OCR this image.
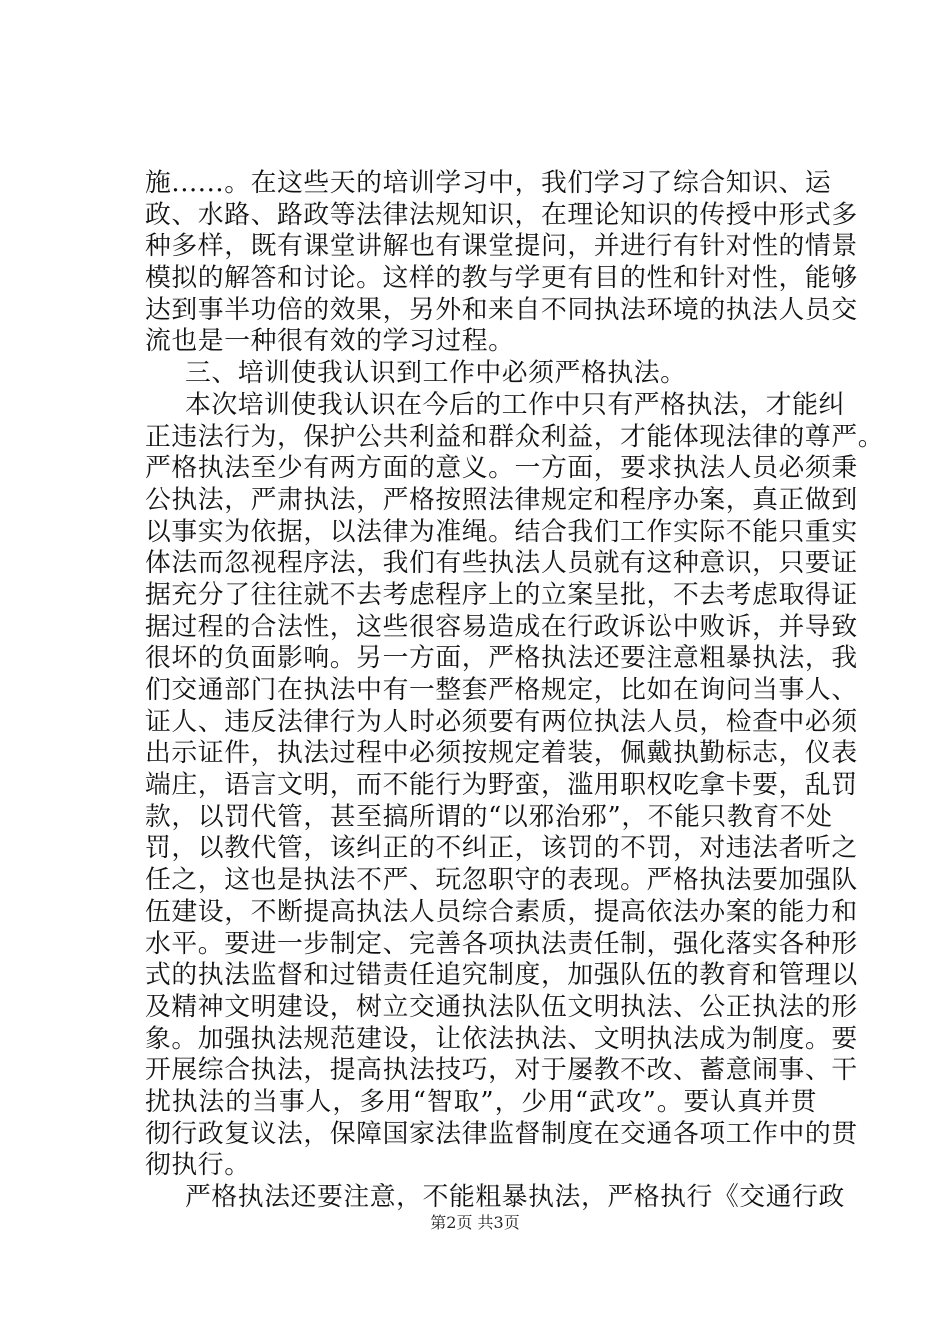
施......。在这些天的培训学习中，我们学习了综合知识、运
政、水路、路政等法律法规知识，在理论知识的传授中形式多
种多样，既有课堂讲解也有课堂提问，并进行有针对性的情景
模拟的解答和讨论。这样的教与学更有目的性和针对性，能够
达到事半功倍的效果，另外和来自不同执法环境的执法人员交
流也是一种很有效的学习过程。
三、培训使我认识到工作中必须严格执法。
本次培训使我认识在今后的工作中只有严格执法，才能纠
正违法行为，保护公共利益和群众利益，才能体现法律的尊严。
严格执法至少有两方面的意义。一方面，要求执法人员必须秉
公执法，严肃执法，严格按照法律规定和程序办案，真正做到
以事实为依据，以法律为准绳。结合我们工作实际不能只重实
体法而忽视程序法，我们有些执法人员就有这种意识，只要证
据充分了往往就不去考虑程序上的立案呈批，不去考虑取得证
据过程的合法性，这些很容易造成在行政诉讼中败诉，并导致
很坏的负面影响。另一方面，严格执法还要注意粗暴执法，我
们交通部门在执法中有一整套严格规定，比如在询问当事人、
证人、违反法律行为人时必须要有两位执法人员，检查中必须
出示证件，执法过程中必须按规定着装，佩戴执勤标志，仪表
端庄，语言文明，而不能行为野蛮，滥用职权吃拿卡要，乱罚
款，以罚代管，甚至搞所谓的“以邪治邪”，不能只教育不处
罚，以教代管，该纠正的不纠正，该罚的不罚，对违法者听之
任之，这也是执法不严、玩忽职守的表现。严格执法要加强队
伍建设，不断提高执法人员综合素质，提高依法办案的能力和
水平。要进一步制定、完善各项执法责任制，强化落实各种形
式的执法监督和过错责任追究制度，加强队伍的教育和管理以
及精神文明建设，树立交通执法队伍文明执法、公正执法的形
象。加强执法规范建设，让依法执法、文明执法成为制度。要
开展综合执法，提高执法技巧，对于屡教不改、蓄意闹事、干
扰执法的当事人，多用“智取”，少用“武攻”。要认真并贯
彻行政复议法，保障国家法律监督制度在交通各项工作中的贯
彻执行。
严格执法还要注意，不能粗暴执法，严格执行《交通行政
第2页 共3页
